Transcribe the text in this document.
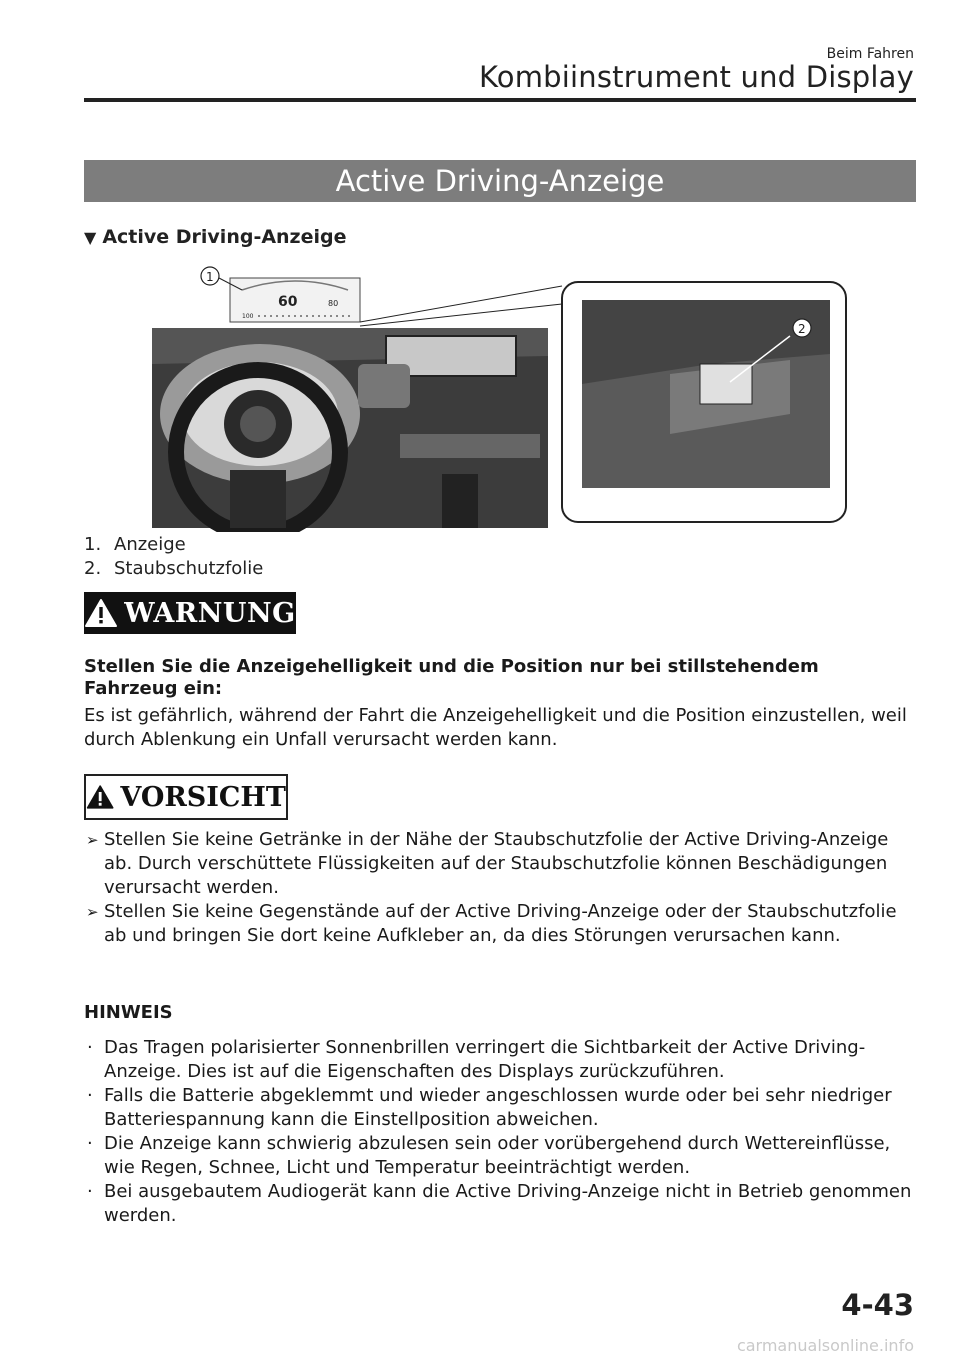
Beim Fahren
Kombiinstrument und Display
Active Driving-Anzeige
▼ Active Driving-Anzeige
60	80
100
1
2
1. Anzeige
2. Staubschutzfolie
WARNUNG
Stellen Sie die Anzeigehelligkeit und die Position nur bei stillstehendem Fahrzeug ein:
Es ist gefährlich, während der Fahrt die Anzeigehelligkeit und die Position einzustellen, weil durch Ablenkung ein Unfall verursacht werden kann.
VORSICHT
➢ Stellen Sie keine Getränke in der Nähe der Staubschutzfolie der Active Driving-Anzeige ab. Durch verschüttete Flüssigkeiten auf der Staubschutzfolie können Beschädigungen verursacht werden.
➢ Stellen Sie keine Gegenstände auf der Active Driving-Anzeige oder der Staubschutzfolie ab und bringen Sie dort keine Aufkleber an, da dies Störungen verursachen kann.
HINWEIS
· Das Tragen polarisierter Sonnenbrillen verringert die Sichtbarkeit der Active Driving-Anzeige. Dies ist auf die Eigenschaften des Displays zurückzuführen.
· Falls die Batterie abgeklemmt und wieder angeschlossen wurde oder bei sehr niedriger Batteriespannung kann die Einstellposition abweichen.
· Die Anzeige kann schwierig abzulesen sein oder vorübergehend durch Wettereinflüsse, wie Regen, Schnee, Licht und Temperatur beeinträchtigt werden.
· Bei ausgebautem Audiogerät kann die Active Driving-Anzeige nicht in Betrieb genommen werden.
4-43
carmanualsonline.info
